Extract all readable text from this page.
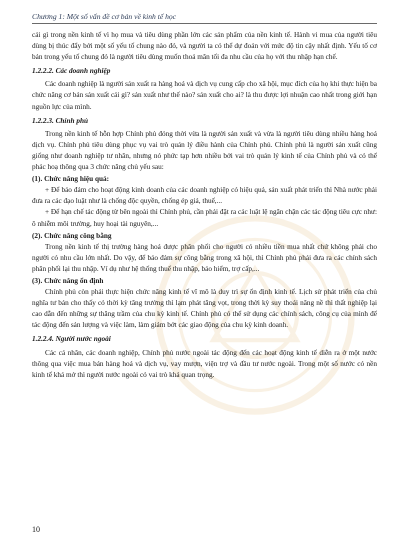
Chương 1: Một số vấn đề cơ bản về kinh tế học

cải gì trong nền kinh tế vì họ mua và tiêu dùng phần lớn các sản phẩm của nền kinh tế. Hành vi mua của người tiêu dùng bị thúc đẩy bởi một số yếu tố chung nào đó, và người ta có thể dự đoán với mức độ tin cậy nhất định. Yếu tố cơ bản trong yếu tố chung đó là người tiêu dùng muốn thoả mãn tối đa nhu cầu của họ với thu nhập hạn chế.

1.2.2.2. Các doanh nghiệp

Các doanh nghiệp là người sản xuất ra hàng hoá và dịch vụ cung cấp cho xã hội, mục đích của họ khi thực hiện ba chức năng cơ bản sản xuất cái gì? sản xuất như thế nào? sản xuất cho ai? là thu được lợi nhuận cao nhất trong giới hạn nguồn lực của mình.

1.2.2.3. Chính phủ

Trong nền kinh tế hỗn hợp Chính phủ đóng thời vừa là người sản xuất và vừa là người tiêu dùng nhiều hàng hoá dịch vụ. Chính phủ tiêu dùng phục vụ vai trò quản lý điều hành của Chính phủ. Chính phủ là người sản xuất cũng giống như doanh nghiệp tư nhân, nhưng nó phức tạp hơn nhiều bởi vai trò quản lý kinh tế của Chính phủ và có thể phác hoạ thông qua 3 chức năng chủ yếu sau:

(1). Chức năng hiệu quả:

+ Để bảo đảm cho hoạt động kinh doanh của các doanh nghiệp có hiệu quả, sản xuất phát triển thì Nhà nước phải đưa ra các đạo luật như là chống độc quyền, chống ép giá, thuế,...

+ Để hạn chế tác động từ bên ngoài thì Chính phủ, cần phải đặt ra các luật lệ ngăn chặn các tác động tiêu cực như: ô nhiễm môi trường, huy hoại tài nguyên,...

(2). Chức năng công bằng

Trong nền kinh tế thị trường hàng hoá được phân phối cho người có nhiều tiền mua nhất chứ không phải cho người có nhu cầu lớn nhất. Do vậy, để bảo đảm sự công bằng trong xã hội, thì Chính phủ phải đưa ra các chính sách phân phối lại thu nhập. Ví dụ như hệ thống thuế thu nhập, bảo hiểm, trợ cấp,...

(3). Chức năng ổn định

Chính phủ còn phải thực hiện chức năng kinh tế vĩ mô là duy trì sự ổn định kinh tế. Lịch sử phát triển của chủ nghĩa tư bản cho thấy có thời kỳ tăng trưởng thì lạm phát tăng vọt, trong thời kỳ suy thoái năng nề thì thất nghiệp lại cao dẫn đến những sự thăng trầm của chu kỳ kinh tế. Chính phủ có thể sử dụng các chính sách, công cụ của mình để tác động đến sản lượng và việc làm, làm giảm bớt các giao động của chu kỳ kinh doanh.

1.2.2.4. Người nước ngoài

Các cá nhân, các doanh nghiệp, Chính phủ nước ngoài tác động đến các hoạt động kinh tế diễn ra ở một nước thông qua việc mua bán hàng hoá và dịch vụ, vay mượn, viện trợ và đầu tư nước ngoài. Trong một số nước có nền kinh tế khá mở thì người nước ngoài có vai trò khá quan trọng.

10
